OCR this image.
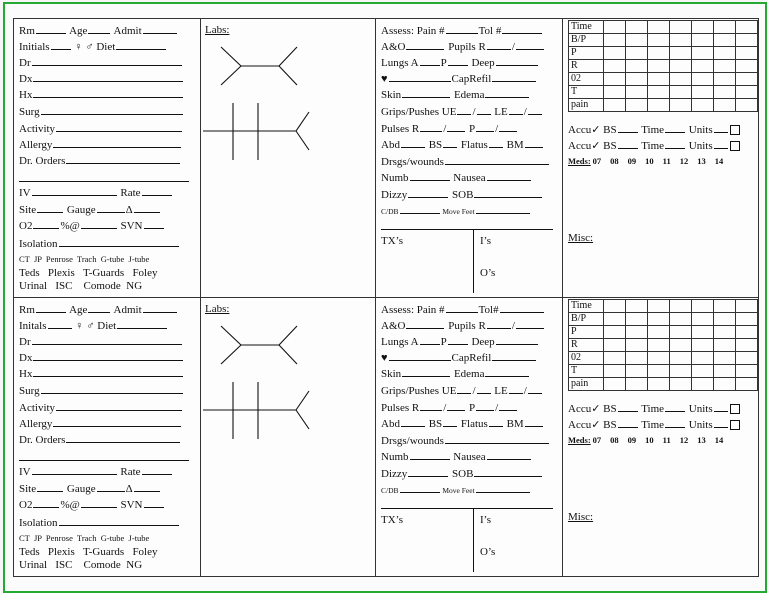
Rm	Age Admit
Initials ♀ ♂ Diet
Dr
Dx
Hx
Surg
Activity
Allergy
Dr. Orders
IV	Rate
Site	Gauge	Δ
O2	%@	SVN
Isolation
CT  JP  Penrose  Trach  G-tube  J-tube
Teds Plexis T-Guards Foley
Urinal ISC Comode NG
Labs:	Assess: Pain #	Tol #
A&O	Pupils R /
Lungs A P Deep
♥	CapRefil
Skin	Edema
Grips/Pushes UE / LE /
Pulses R / P /
Abd	BS Flatus BM
Drsgs/wounds
Numb	Nausea
Dizzy	SOB
C/DB	Move Feet
TX’s	I’s
O’s
Time							
B/P							
P							
R							
02							
T							
pain							
Accu✓ BS Time Units
Accu✓ BS Time Units
Meds: 07 08 09 10 11 12 13 14
Misc:
Rm	Age Admit
Initals	♀ ♂ Diet
Dr
Dx
Hx
Surg
Activity
Allergy
Dr. Orders
IV	Rate
Site	Gauge	Δ
O2	%@	SVN
Isolation
CT  JP  Penrose  Trach  G-tube  J-tube
Teds Plexis T-Guards Foley
Urinal ISC Comode NG
Labs:	Assess: Pain #	Tol#
A&O	Pupils R /
Lungs A P Deep
♥	CapRefil
Skin	Edema
Grips/Pushes UE / LE /
Pulses R / P /
Abd	BS Flatus BM
Drsgs/wounds
Numb	Nausea
Dizzy	SOB
C/DB	Move Feet
TX’s	I’s
O’s
Time							
B/P							
P							
R							
02							
T							
pain							
Accu✓ BS Time Units
Accu✓ BS Time Units
Meds: 07 08 09 10 11 12 13 14
Misc:
